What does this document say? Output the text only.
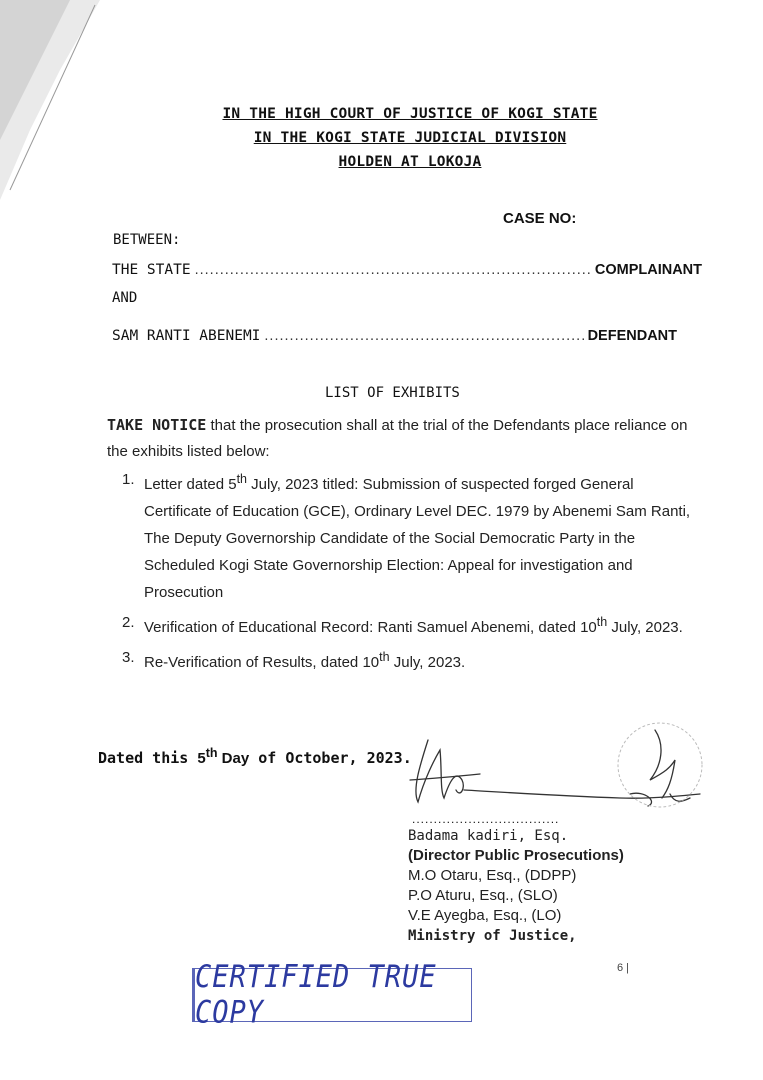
IN THE HIGH COURT OF JUSTICE OF KOGI STATE
IN THE KOGI STATE JUDICIAL DIVISION
HOLDEN AT LOKOJA
CASE NO:
BETWEEN:
THE STATE .....	COMPLAINANT
AND
SAM RANTI ABENEMI .....	DEFENDANT
LIST OF EXHIBITS
TAKE NOTICE that the prosecution shall at the trial of the Defendants place reliance on the exhibits listed below:
1. Letter dated 5th July, 2023 titled: Submission of suspected forged General Certificate of Education (GCE), Ordinary Level DEC. 1979 by Abenemi Sam Ranti, The Deputy Governorship Candidate of the Social Democratic Party in the Scheduled Kogi State Governorship Election: Appeal for investigation and Prosecution
2. Verification of Educational Record: Ranti Samuel Abenemi, dated 10th July, 2023.
3. Re-Verification of Results, dated 10th July, 2023.
Dated this 5th Day of October, 2023.
..................................
Badama kadiri, Esq.
(Director Public Prosecutions)
M.O Otaru, Esq., (DDPP)
P.O Aturu, Esq., (SLO)
V.E Ayegba, Esq., (LO)
Ministry of Justice,
6 |
CERTIFIED TRUE COPY
